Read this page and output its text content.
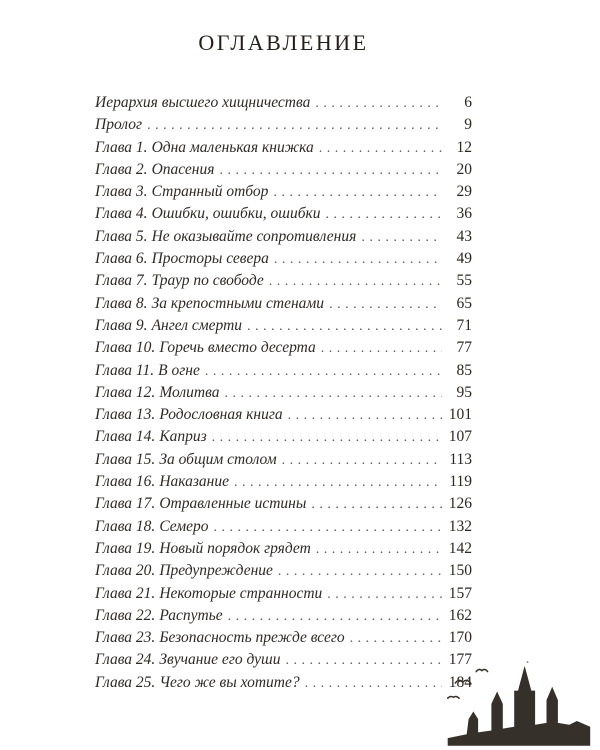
ОГЛАВЛЕНИЕ
Иерархия высшего хищничества .....	6
Пролог .....	9
Глава 1. Одна маленькая книжка .....	12
Глава 2. Опасения .....	20
Глава 3. Странный отбор .....	29
Глава 4. Ошибки, ошибки, ошибки .....	36
Глава 5. Не оказывайте сопротивления .....	43
Глава 6. Просторы севера .....	49
Глава 7. Траур по свободе .....	55
Глава 8. За крепостными стенами .....	65
Глава 9. Ангел смерти .....	71
Глава 10. Горечь вместо десерта .....	77
Глава 11. В огне .....	85
Глава 12. Молитва .....	95
Глава 13. Родословная книга .....	101
Глава 14. Каприз .....	107
Глава 15. За общим столом .....	113
Глава 16. Наказание .....	119
Глава 17. Отравленные истины .....	126
Глава 18. Семеро .....	132
Глава 19. Новый порядок грядет .....	142
Глава 20. Предупреждение .....	150
Глава 21. Некоторые странности .....	157
Глава 22. Распутье .....	162
Глава 23. Безопасность прежде всего .....	170
Глава 24. Звучание его души .....	177
Глава 25. Чего же вы хотите? .....	184
